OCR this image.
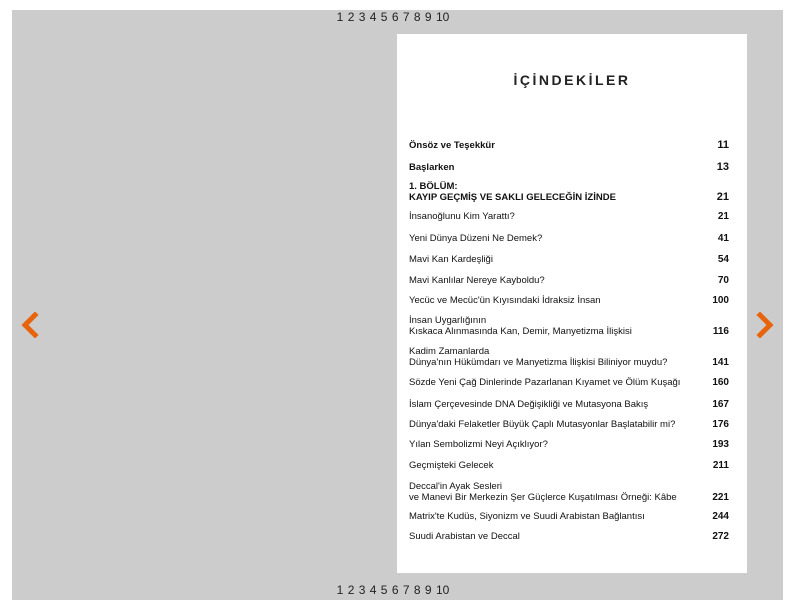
1 2 3 4 5 6 7 8 9 10
İÇİNDEKİLER
Önsöz ve Teşekkür	11
Başlarken	13
1. BÖLÜM:
KAYIP GEÇMİŞ VE SAKLI GELECEĞİN İZİNDE	21
İnsanoğlunu Kim Yarattı?	21
Yeni Dünya Düzeni Ne Demek?	41
Mavi Kan Kardeşliği	54
Mavi Kanlılar Nereye Kayboldu?	70
Yecüc ve Mecüc'ün Kıyısındaki İdraksiz İnsan	100
İnsan Uygarlığının
Kıskaca Alınmasında Kan, Demir, Manyetizma İlişkisi	116
Kadim Zamanlarda
Dünya'nın Hükümdarı ve Manyetizma İlişkisi Biliniyor muydu?	141
Sözde Yeni Çağ Dinlerinde Pazarlanan Kıyamet ve Ölüm Kuşağı	160
İslam Çerçevesinde DNA Değişikliği ve Mutasyona Bakış	167
Dünya'daki Felaketler Büyük Çaplı Mutasyonlar Başlatabilir mi?	176
Yılan Sembolizmi Neyi Açıklıyor?	193
Geçmişteki Gelecek	211
Deccal'in Ayak Sesleri
ve Manevi Bir Merkezin Şer Güçlerce Kuşatılması Örneği: Kâbe	221
Matrix'te Kudüs, Siyonizm ve Suudi Arabistan Bağlantısı	244
Suudi Arabistan ve Deccal	272
1 2 3 4 5 6 7 8 9 10
